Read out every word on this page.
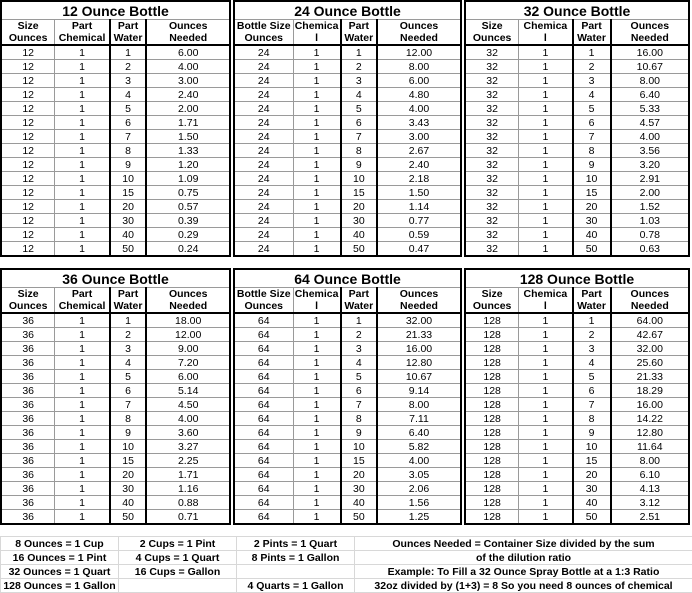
12 Ounce Bottle			
Size	Part	Part	Ounces
Ounces	Chemical	Water	Needed
12	1	1	6.00
12	1	2	4.00
12	1	3	3.00
12	1	4	2.40
12	1	5	2.00
12	1	6	1.71
12	1	7	1.50
12	1	8	1.33
12	1	9	1.20
12	1	10	1.09
12	1	15	0.75
12	1	20	0.57
12	1	30	0.39
12	1	40	0.29
12	1	50	0.24
24 Ounce Bottle			
Bottle Size	Chemica	Part	Ounces
Ounces	l	Water	Needed
24	1	1	12.00
24	1	2	8.00
24	1	3	6.00
24	1	4	4.80
24	1	5	4.00
24	1	6	3.43
24	1	7	3.00
24	1	8	2.67
24	1	9	2.40
24	1	10	2.18
24	1	15	1.50
24	1	20	1.14
24	1	30	0.77
24	1	40	0.59
24	1	50	0.47
32 Ounce Bottle			
Size	Chemica	Part	Ounces
Ounces	l	Water	Needed
32	1	1	16.00
32	1	2	10.67
32	1	3	8.00
32	1	4	6.40
32	1	5	5.33
32	1	6	4.57
32	1	7	4.00
32	1	8	3.56
32	1	9	3.20
32	1	10	2.91
32	1	15	2.00
32	1	20	1.52
32	1	30	1.03
32	1	40	0.78
32	1	50	0.63
36 Ounce Bottle			
Size	Part	Part	Ounces
Ounces	Chemical	Water	Needed
36	1	1	18.00
36	1	2	12.00
36	1	3	9.00
36	1	4	7.20
36	1	5	6.00
36	1	6	5.14
36	1	7	4.50
36	1	8	4.00
36	1	9	3.60
36	1	10	3.27
36	1	15	2.25
36	1	20	1.71
36	1	30	1.16
36	1	40	0.88
36	1	50	0.71
64 Ounce Bottle			
Bottle Size	Chemica	Part	Ounces
Ounces	l	Water	Needed
64	1	1	32.00
64	1	2	21.33
64	1	3	16.00
64	1	4	12.80
64	1	5	10.67
64	1	6	9.14
64	1	7	8.00
64	1	8	7.11
64	1	9	6.40
64	1	10	5.82
64	1	15	4.00
64	1	20	3.05
64	1	30	2.06
64	1	40	1.56
64	1	50	1.25
128 Ounce Bottle			
Size	Chemica	Part	Ounces
Ounces	l	Water	Needed
128	1	1	64.00
128	1	2	42.67
128	1	3	32.00
128	1	4	25.60
128	1	5	21.33
128	1	6	18.29
128	1	7	16.00
128	1	8	14.22
128	1	9	12.80
128	1	10	11.64
128	1	15	8.00
128	1	20	6.10
128	1	30	4.13
128	1	40	3.12
128	1	50	2.51
8 Ounces = 1 Cup	2 Cups = 1 Pint	2 Pints = 1 Quart	Ounces Needed = Container Size divided by the sum
16 Ounces = 1 Pint	4 Cups = 1 Quart	8 Pints = 1 Gallon	of the dilution ratio
32 Ounces = 1 Quart	16 Cups = Gallon		Example: To Fill a 32 Ounce Spray Bottle at a 1:3 Ratio
128 Ounces = 1 Gallon		4 Quarts = 1 Gallon	32oz divided by (1+3) = 8 So you need 8 ounces of chemical
